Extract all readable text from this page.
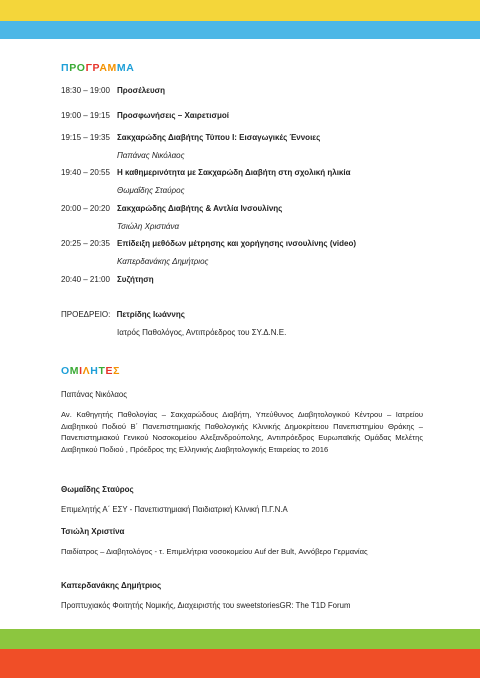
ΠΡΟΓΡΑΜΜΑ
18:30 – 19:00 Προσέλευση
19:00 – 19:15 Προσφωνήσεις – Χαιρετισμοί
19:15 – 19:35 Σακχαρώδης Διαβήτης Τύπου Ι: Εισαγωγικές Έννοιες
Παπάνας Νικόλαος
19:40 – 20:55 Η καθημερινότητα με Σακχαρώδη Διαβήτη στη σχολική ηλικία
Θωμαΐδης Σταύρος
20:00 – 20:20 Σακχαρώδης Διαβήτης & Αντλία Ινσουλίνης
Τσιώλη Χριστιάνα
20:25 – 20:35 Επίδειξη μεθόδων μέτρησης και χορήγησης ινσουλίνης (video)
Καπερδανάκης Δημήτριος
20:40 – 21:00 Συζήτηση
ΠΡΟΕΔΡΕΙΟ: Πετρίδης Ιωάννης
Ιατρός Παθολόγος, Αντιπρόεδρος του ΣΥ.Δ.Ν.Ε.
ΟΜΙΛΗΤΕΣ
Παπάνας Νικόλαος
Αν. Καθηγητής Παθολογίας – Σακχαρώδους Διαβήτη, Υπεύθυνος Διαβητολογικού Κέντρου – Ιατρείου Διαβητικού Ποδιού Β΄ Πανεπιστημιακής Παθολογικής Κλινικής Δημοκρίτειου Πανεπιστημίου Θράκης – Πανεπιστημιακού Γενικού Νοσοκομείου Αλεξανδρούπολης, Αντιπρόεδρος Ευρωπαϊκής Ομάδας Μελέτης Διαβητικού Ποδιού , Πρόεδρος της Ελληνικής Διαβητολογικής Εταιρείας το 2016
Θωμαΐδης Σταύρος
Επιμελητής Α΄ ΕΣΥ - Πανεπιστημιακή Παιδιατρική Κλινική Π.Γ.Ν.Α
Τσιώλη Χριστίνα
Παιδίατρος – Διαβητολόγος - τ. Επιμελήτρια νοσοκομείου Auf der Bult, Αννόβερο Γερμανίας
Καπερδανάκης Δημήτριος
Προπτυχιακός Φοιτητής Νομικής, Διαχειριστής του sweetstoriesGR: The T1D Forum
